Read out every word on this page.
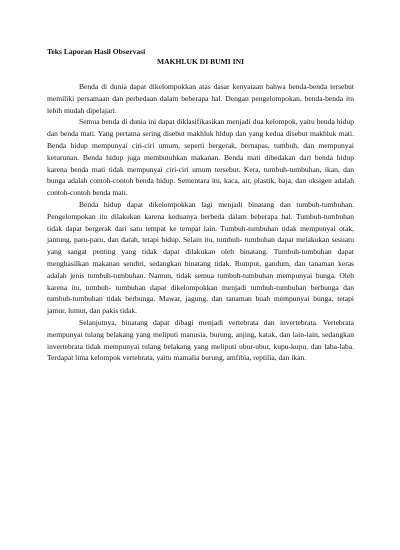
Teks Laporan Hasil Observasi

MAKHLUK DI BUMI INI

Benda di dunia dapat dikelompokkan atas dasar kenyataan bahwa benda-benda tersebut memiliki persamaan dan perbedaan dalam beberapa hal. Dengan pengelompokan, benda-benda itu lebih mudah dipelajari.

Semua benda di dunia ini dapat diklasifikasikan menjadi dua kelompok, yaitu benda hidup dan benda mati. Yang pertama sering disebut makhluk hidup dan yang kedua disebut makhluk mati. Benda hidup mempunyai ciri-ciri umum, seperti bergerak, bernapas, tumbuh, dan mempunyai keturunan. Benda hidup juga membutuhkan makanan. Benda mati dibedakan dari benda hidup karena benda mati tidak mempunyai ciri-ciri umum tersebut. Kera, tumbuh-tumbuhan, ikan, dan bunga adalah contoh-contoh benda hidup. Sementara itu, kaca, air, plastik, baja, dan oksigen adalah contoh-contoh benda mati.

Benda hidup dapat dikelompokkan lagi menjadi binatang dan tumbuh-tumbuhan. Pengelompokan itu dilakukan karena keduanya berbeda dalam beberapa hal. Tumbuh-tumbuhan tidak dapat bergerak dari satu tempat ke tempat lain. Tumbuh-tumbuhan tidak mempunyai otak, jantung, paru-paru, dan darah, tetapi hidup. Selain itu, tumbuh- tumbuhan dapat melakukan sesuatu yang sangat penting yang tidak dapat dilakukan oleh binatang. Tumbuh-tumbuhan dapat menghasilkan makanan sendiri, sedangkan binatang tidak. Rumput, gandum, dan tanaman keras adalah jenis tumbuh-tumbuhan. Namun, tidak semua tumbuh-tumbuhan mempunyai bunga. Oleh karena itu, tumbuh- tumbuhan dapat dikelompokkan menjadi tumbuh-tumbuhan berbunga dan tumbuh-tumbuhan tidak berbunga. Mawar, jagung, dan tanaman buah mempunyai bunga, tetapi jamur, lumut, dan pakis tidak.

Selanjutnya, binatang dapat dibagi menjadi vertebrata dan invertebrata. Vertebrata mempunyai tulang belakang yang meliputi manusia, burung, anjing, katak, dan lain-lain, sedangkan invertebrata tidak mempunyai tulang belakang yang meliputi ubur-ubur, kupu-kupu, dan laba-laba. Terdapat lima kelompok vertebrata, yaitu mamalia burung, amfibia, reptilia, dan ikan.
